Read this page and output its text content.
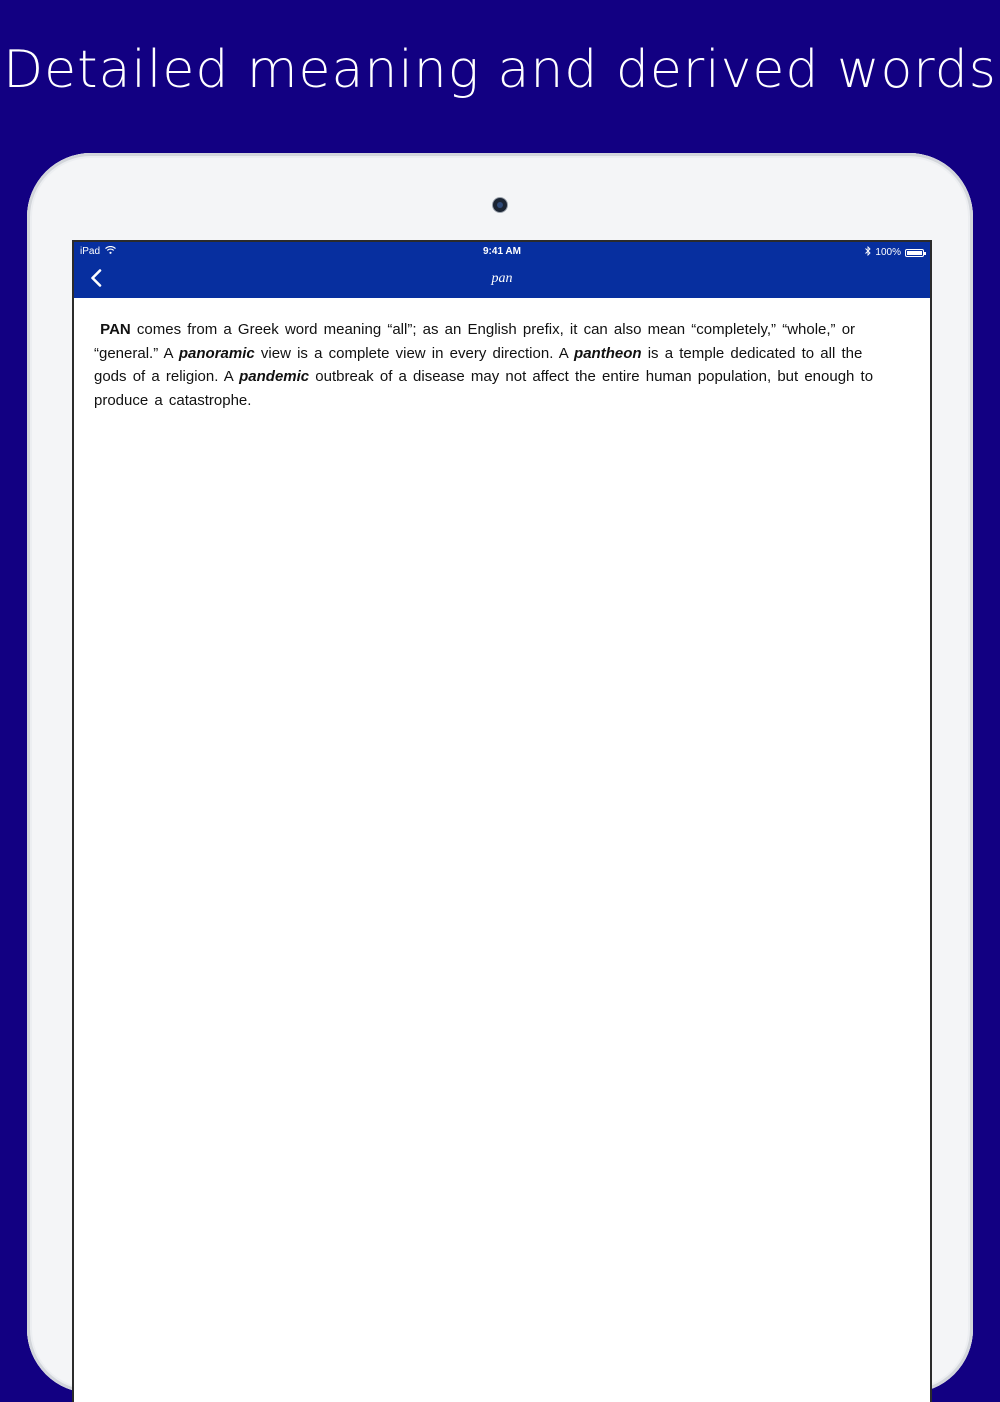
Detailed meaning and derived words
iPad	9:41 AM	100%
pan
PAN comes from a Greek word meaning “all”; as an English prefix, it can also mean “completely,” “whole,” or “general.” A panoramic view is a complete view in every direction. A pantheon is a temple dedicated to all the gods of a religion. A pandemic outbreak of a disease may not affect the entire human population, but enough to produce a catastrophe.
